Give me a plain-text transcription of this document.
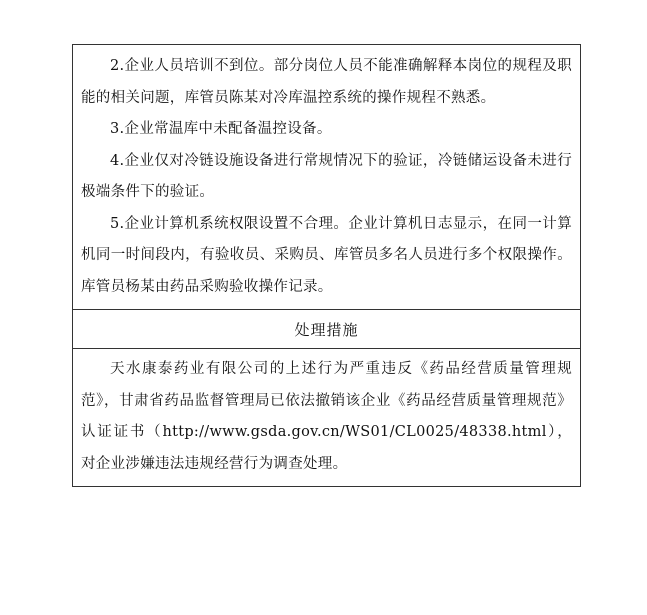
2.企业人员培训不到位。部分岗位人员不能准确解释本岗位的规程及职能的相关问题，库管员陈某对冷库温控系统的操作规程不熟悉。

3.企业常温库中未配备温控设备。

4.企业仅对冷链设施设备进行常规情况下的验证，冷链储运设备未进行极端条件下的验证。

5.企业计算机系统权限设置不合理。企业计算机日志显示，在同一计算机同一时间段内，有验收员、采购员、库管员多名人员进行多个权限操作。库管员杨某由药品采购验收操作记录。

处理措施

天水康泰药业有限公司的上述行为严重违反《药品经营质量管理规范》，甘肃省药品监督管理局已依法撤销该企业《药品经营质量管理规范》认证证书（http://www.gsda.gov.cn/WS01/CL0025/48338.html），对企业涉嫌违法违规经营行为调查处理。
